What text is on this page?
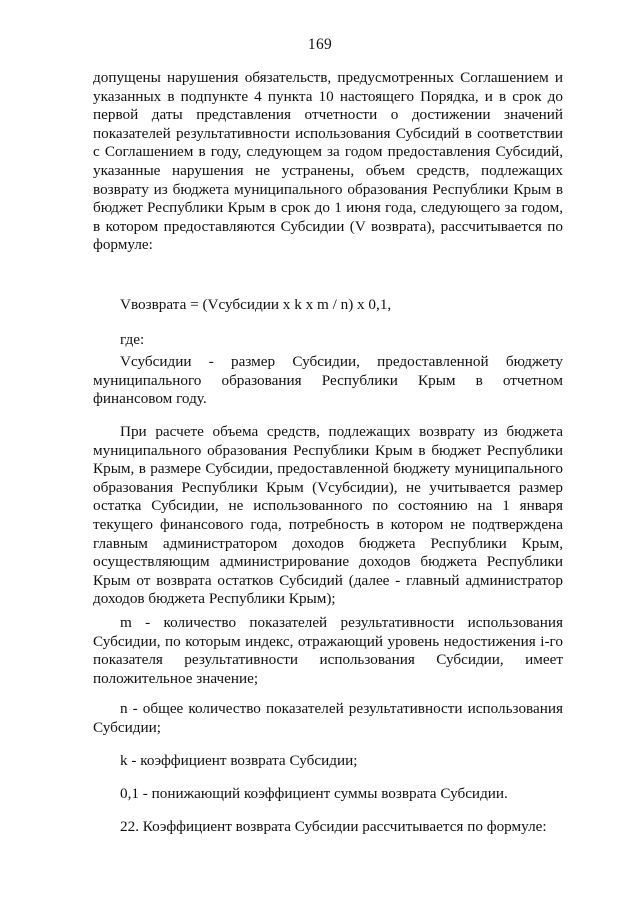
169

допущены нарушения обязательств, предусмотренных Соглашением и указанных в подпункте 4 пункта 10 настоящего Порядка, и в срок до первой даты представления отчетности о достижении значений показателей результативности использования Субсидий в соответствии с Соглашением в году, следующем за годом предоставления Субсидий, указанные нарушения не устранены, объем средств, подлежащих возврату из бюджета муниципального образования Республики Крым в бюджет Республики Крым в срок до 1 июня года, следующего за годом, в котором предоставляются Субсидии (V возврата), рассчитывается по формуле:

Vвозврата = (Vсубсидии x k x m / n) x 0,1,
где:

Vсубсидии - размер Субсидии, предоставленной бюджету муниципального образования Республики Крым в отчетном финансовом году.

При расчете объема средств, подлежащих возврату из бюджета муниципального образования Республики Крым в бюджет Республики Крым, в размере Субсидии, предоставленной бюджету муниципального образования Республики Крым (Vсубсидии), не учитывается размер остатка Субсидии, не использованного по состоянию на 1 января текущего финансового года, потребность в котором не подтверждена главным администратором доходов бюджета Республики Крым, осуществляющим администрирование доходов бюджета Республики Крым от возврата остатков Субсидий (далее - главный администратор доходов бюджета Республики Крым);

m - количество показателей результативности использования Субсидии, по которым индекс, отражающий уровень недостижения i-го показателя результативности использования Субсидии, имеет положительное значение;

n - общее количество показателей результативности использования Субсидии;

k - коэффициент возврата Субсидии;

0,1 - понижающий коэффициент суммы возврата Субсидии.

22. Коэффициент возврата Субсидии рассчитывается по формуле:
